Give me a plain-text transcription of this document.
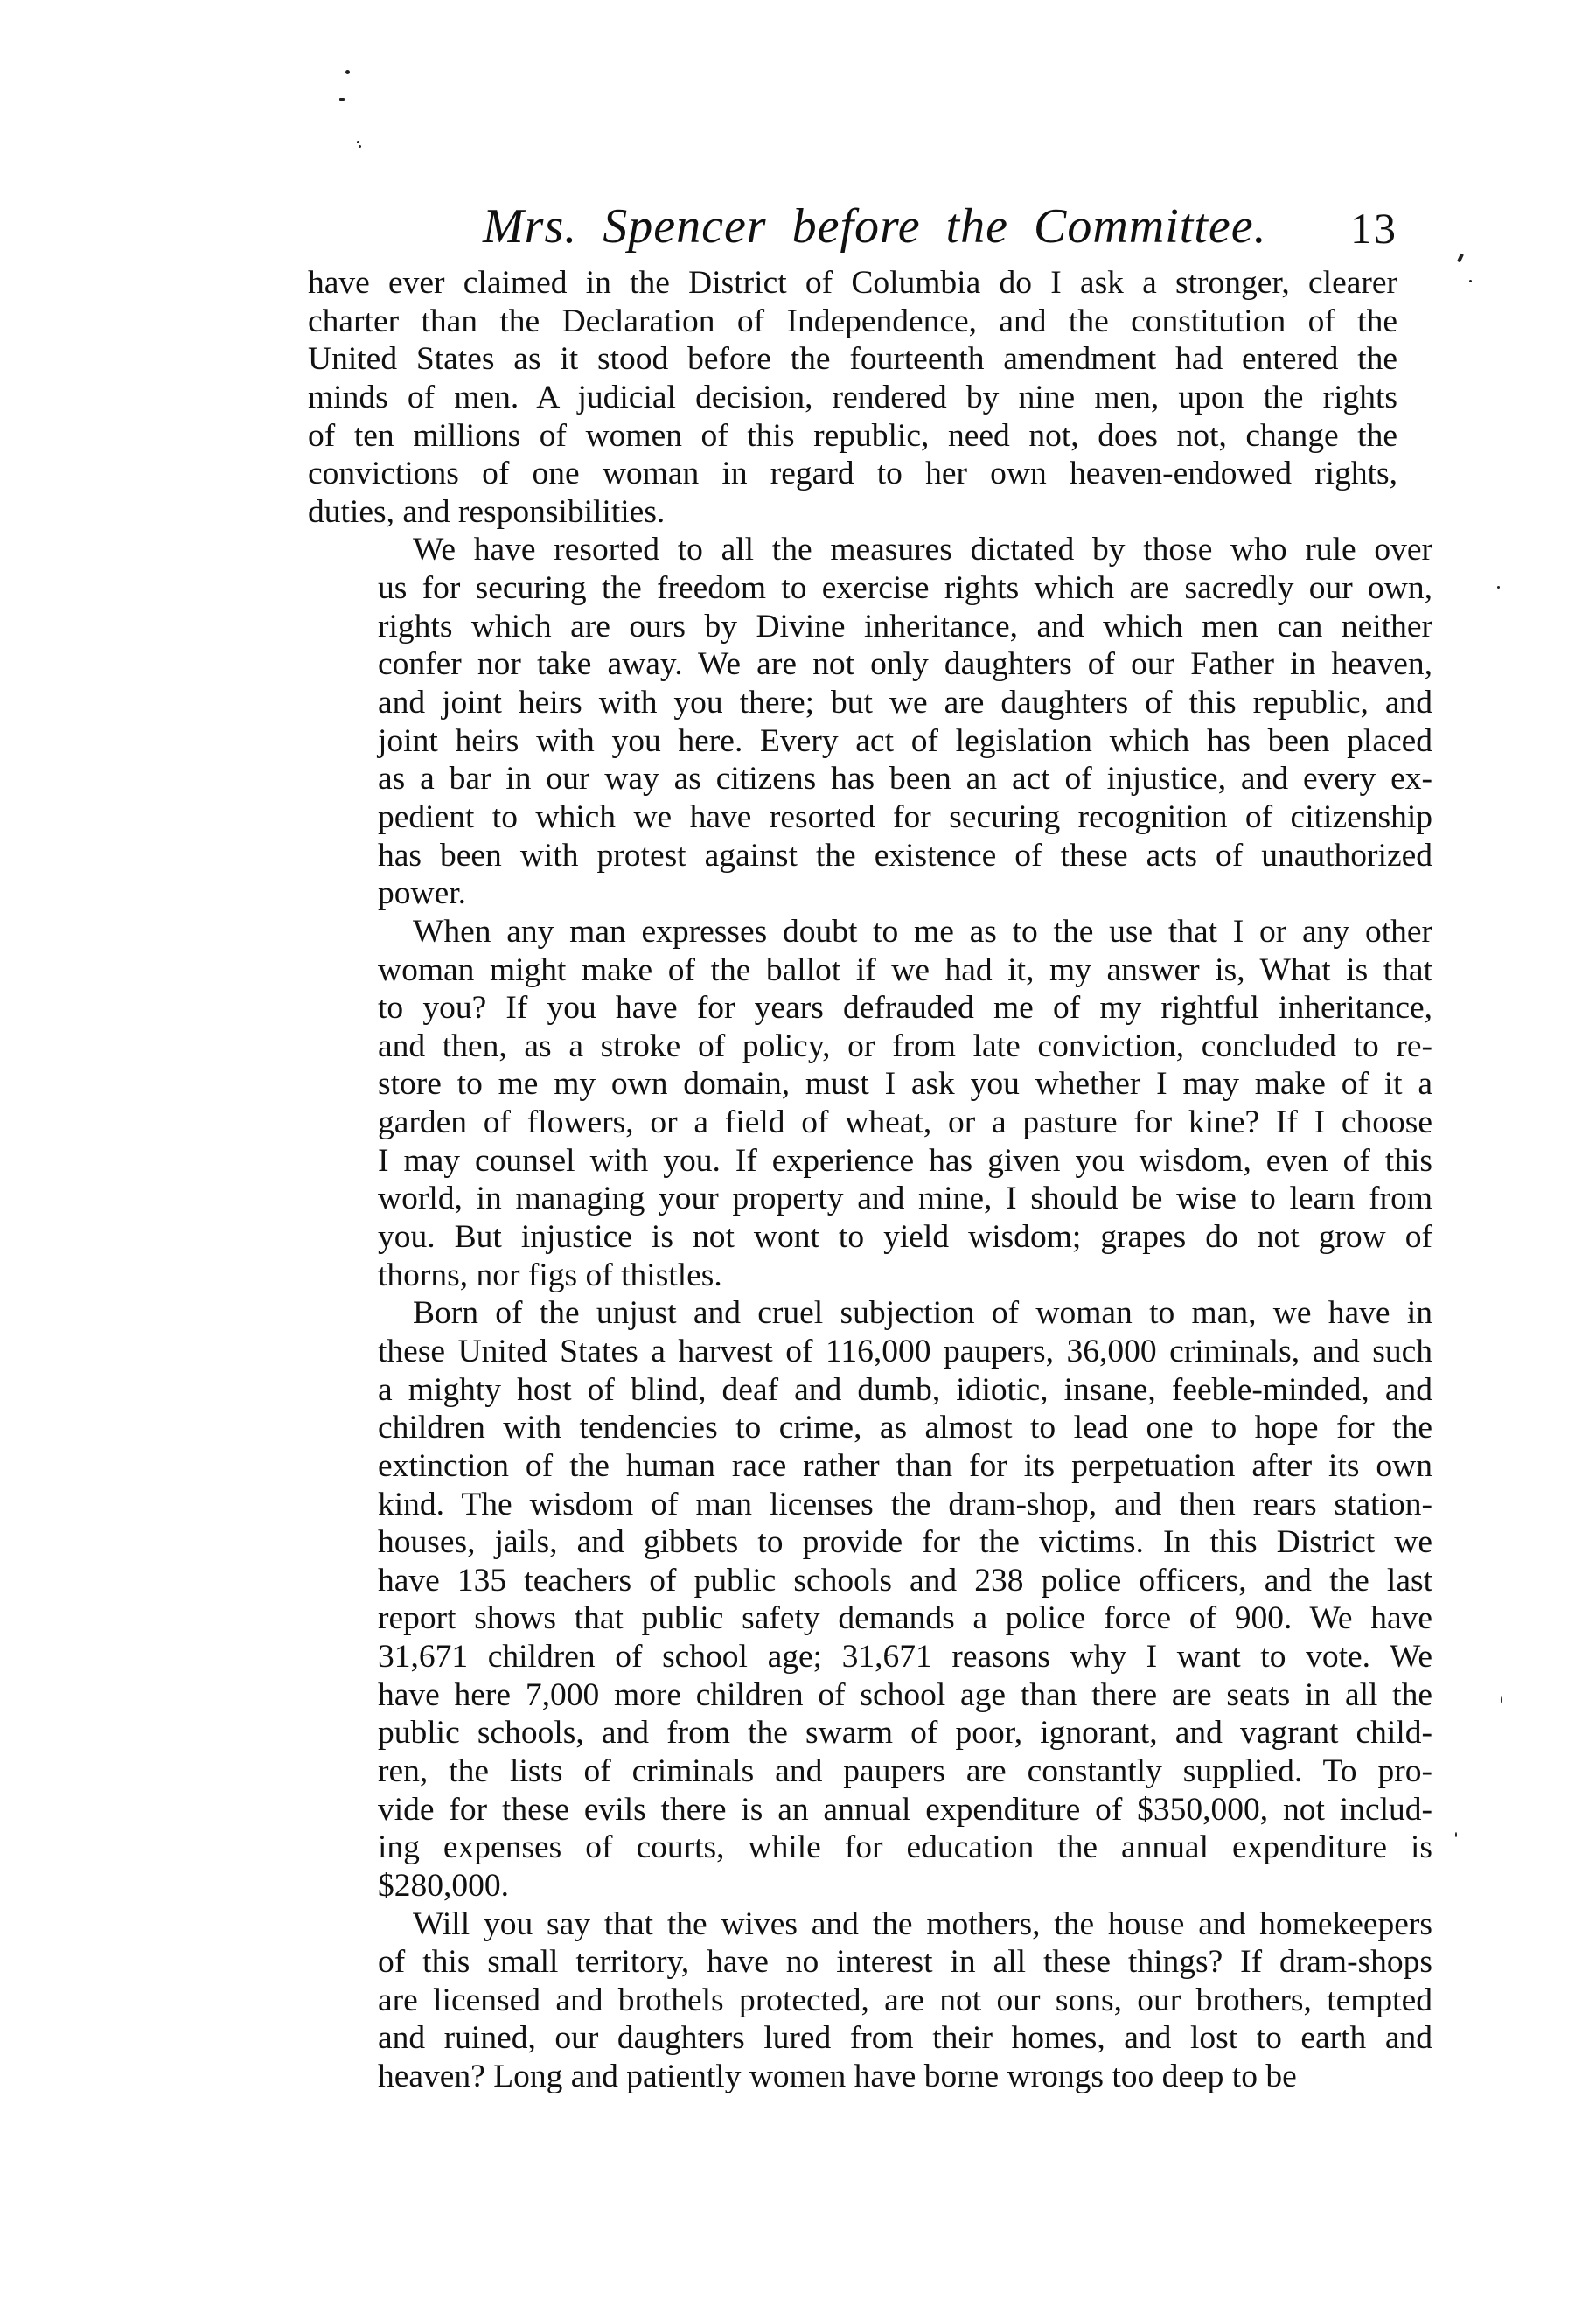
Mrs. Spencer before the Committee. 13
have ever claimed in the District of Columbia do I ask a stronger, clearer
charter than the Declaration of Independence, and the constitution of the
United States as it stood before the fourteenth amendment had entered the
minds of men. A judicial decision, rendered by nine men, upon the rights
of ten millions of women of this republic, need not, does not, change the
convictions of one woman in regard to her own heaven-endowed rights,
duties, and responsibilities.
We have resorted to all the measures dictated by those who rule over
us for securing the freedom to exercise rights which are sacredly our own,
rights which are ours by Divine inheritance, and which men can neither
confer nor take away. We are not only daughters of our Father in heaven,
and joint heirs with you there; but we are daughters of this republic, and
joint heirs with you here. Every act of legislation which has been placed
as a bar in our way as citizens has been an act of injustice, and every ex-
pedient to which we have resorted for securing recognition of citizenship
has been with protest against the existence of these acts of unauthorized
power.
When any man expresses doubt to me as to the use that I or any other
woman might make of the ballot if we had it, my answer is, What is that
to you? If you have for years defrauded me of my rightful inheritance,
and then, as a stroke of policy, or from late conviction, concluded to re-
store to me my own domain, must I ask you whether I may make of it a
garden of flowers, or a field of wheat, or a pasture for kine? If I choose
I may counsel with you. If experience has given you wisdom, even of this
world, in managing your property and mine, I should be wise to learn from
you. But injustice is not wont to yield wisdom; grapes do not grow of
thorns, nor figs of thistles.
Born of the unjust and cruel subjection of woman to man, we have in
these United States a harvest of 116,000 paupers, 36,000 criminals, and such
a mighty host of blind, deaf and dumb, idiotic, insane, feeble-minded, and
children with tendencies to crime, as almost to lead one to hope for the
extinction of the human race rather than for its perpetuation after its own
kind. The wisdom of man licenses the dram-shop, and then rears station-
houses, jails, and gibbets to provide for the victims. In this District we
have 135 teachers of public schools and 238 police officers, and the last
report shows that public safety demands a police force of 900. We have
31,671 children of school age; 31,671 reasons why I want to vote. We
have here 7,000 more children of school age than there are seats in all the
public schools, and from the swarm of poor, ignorant, and vagrant child-
ren, the lists of criminals and paupers are constantly supplied. To pro-
vide for these evils there is an annual expenditure of $350,000, not includ-
ing expenses of courts, while for education the annual expenditure is
$280,000.
Will you say that the wives and the mothers, the house and homekeepers
of this small territory, have no interest in all these things? If dram-shops
are licensed and brothels protected, are not our sons, our brothers, tempted
and ruined, our daughters lured from their homes, and lost to earth and
heaven? Long and patiently women have borne wrongs too deep to be
